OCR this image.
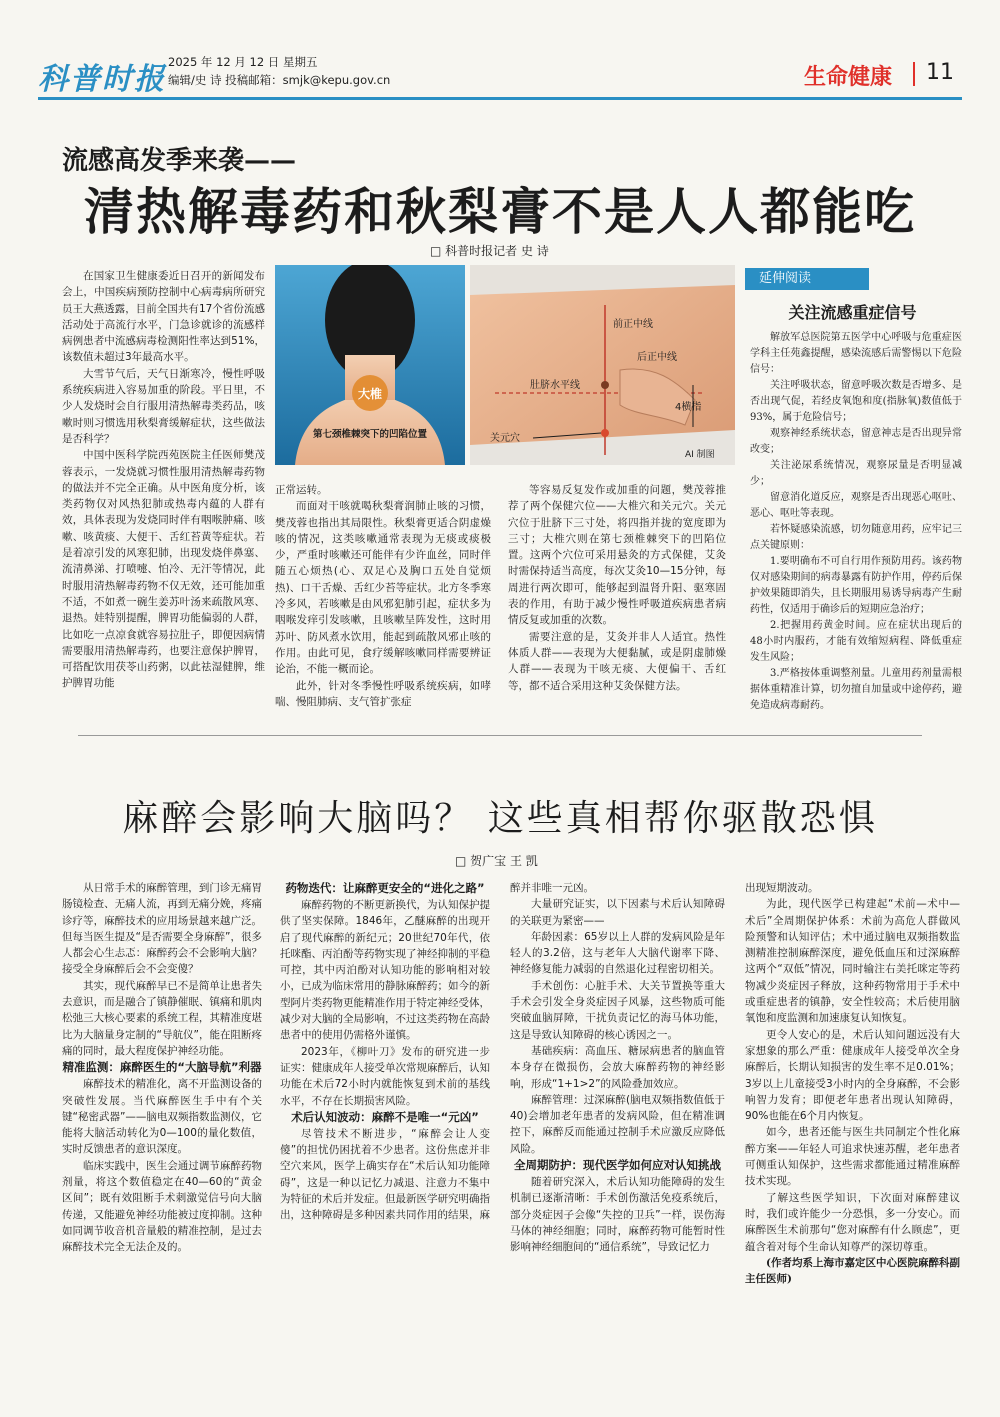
科普时报 2025 年 12 月 12 日 星期五
编辑/史 诗 投稿邮箱：smjk@kepu.gov.cn	生命健康 11
流感高发季来袭——
清热解毒药和秋梨膏不是人人都能吃
□ 科普时报记者 史 诗

在国家卫生健康委近日召开的新闻发布会上，中国疾病预防控制中心病毒病所研究员王大燕透露，目前全国共有17个省份流感活动处于高流行水平，门急诊就诊的流感样病例患者中流感病毒检测阳性率达到51%，该数值未超过3年最高水平。

大雪节气后，天气日渐寒冷，慢性呼吸系统疾病进入容易加重的阶段。平日里，不少人发烧时会自行服用清热解毒类药品，咳嗽时则习惯选用秋梨膏缓解症状，这些做法是否科学？

中国中医科学院西苑医院主任医师樊茂蓉表示，一发烧就习惯性服用清热解毒药物的做法并不完全正确。从中医角度分析，该类药物仅对风热犯肺或热毒内蕴的人群有效，具体表现为发烧同时伴有咽喉肿痛、咳嗽、咳黄痰、大便干、舌红苔黄等症状。若是着凉引发的风寒犯肺，出现发烧伴鼻塞、流清鼻涕、打喷嚏、怕冷、无汗等情况，此时服用清热解毒药物不仅无效，还可能加重不适，不如煮一碗生姜苏叶汤来疏散风寒、退热。娃特别提醒，脾胃功能偏弱的人群，比如吃一点凉食就容易拉肚子，即便因病情需要服用清热解毒药，也要注意保护脾胃，可搭配饮用茯苓山药粥，以此祛湿健脾，维护脾胃功能

正常运转。

而面对干咳就喝秋梨膏润肺止咳的习惯，樊茂蓉也指出其局限性。秋梨膏更适合阴虚燥咳的情况，这类咳嗽通常表现为无痰或痰极少，严重时咳嗽还可能伴有少许血丝，同时伴随五心烦热(心、双足心及胸口五处自觉烦热)、口干舌燥、舌红少苔等症状。北方冬季寒冷多风，若咳嗽是由风邪犯肺引起，症状多为咽喉发痒引发咳嗽，且咳嗽呈阵发性，这时用苏叶、防风煮水饮用，能起到疏散风邪止咳的作用。由此可见，食疗缓解咳嗽同样需要辨证论治，不能一概而论。

此外，针对冬季慢性呼吸系统疾病，如哮喘、慢阻肺病、支气管扩张症

等容易反复发作或加重的问题，樊茂蓉推荐了两个保健穴位——大椎穴和关元穴。关元穴位于肚脐下三寸处，将四指并拢的宽度即为三寸；大椎穴则在第七颈椎棘突下的凹陷位置。这两个穴位可采用悬灸的方式保健，艾灸时需保持适当高度，每次艾灸10—15分钟，每周进行两次即可，能够起到温肾升阳、驱寒固表的作用，有助于减少慢性呼吸道疾病患者病情反复或加重的次数。

需要注意的是，艾灸并非人人适宜。热性体质人群——表现为大便黏腻，或是阴虚肺燥人群——表现为干咳无痰、大便偏干、舌红等，都不适合采用这种艾灸保健方法。

大椎
第七颈椎棘突下的凹陷位置
前正中线
后正中线
肚脐水平线
4横指
关元穴
AI 制图
延伸阅读
关注流感重症信号

解放军总医院第五医学中心呼吸与危重症医学科主任苑鑫提醒，感染流感后需警惕以下危险信号：

关注呼吸状态，留意呼吸次数是否增多、是否出现气促，若经皮氧饱和度(指脉氧)数值低于93%，属于危险信号；

观察神经系统状态，留意神志是否出现异常改变；

关注泌尿系统情况，观察尿量是否明显减少；

留意消化道反应，观察是否出现恶心呕吐、恶心、呕吐等表现。

若怀疑感染流感，切勿随意用药，应牢记三点关键原则：

1.要明确布不可自行用作预防用药。该药物仅对感染期间的病毒暴露有防护作用，停药后保护效果随即消失，且长期服用易诱导病毒产生耐药性，仅适用于确诊后的短期应急治疗；

2.把握用药黄金时间。应在症状出现后的48小时内服药，才能有效缩短病程、降低重症发生风险；

3.严格按体重调整剂量。儿童用药剂量需根据体重精准计算，切勿擅自加量或中途停药，避免造成病毒耐药。

麻醉会影响大脑吗？ 这些真相帮你驱散恐惧
□ 贺广宝 王 凯

从日常手术的麻醉管理，到门诊无痛胃肠镜检查、无痛人流，再到无痛分娩，疼痛诊疗等，麻醉技术的应用场景越来越广泛。但每当医生提及“是否需要全身麻醉”，很多人都会心生忐忑：麻醉药会不会影响大脑？接受全身麻醉后会不会变傻？

其实，现代麻醉早已不是简单让患者失去意识，而是融合了镇静催眠、镇痛和肌肉松弛三大核心要素的系统工程，其精准度堪比为大脑量身定制的“导航仪”，能在阻断疼痛的同时，最大程度保护神经功能。

精准监测：麻醉医生的“大脑导航”利器

麻醉技术的精准化，离不开监测设备的突破性发展。当代麻醉医生手中有个关键“秘密武器”——脑电双频指数监测仪，它能将大脑活动转化为0—100的量化数值，实时反馈患者的意识深度。

临床实践中，医生会通过调节麻醉药物剂量，将这个数值稳定在40—60的“黄金区间”；既有效阻断手术刺激觉信号向大脑传递，又能避免神经功能被过度抑制。这种如同调节收音机音量般的精准控制，是过去麻醉技术完全无法企及的。

药物迭代：让麻醉更安全的“进化之路”

麻醉药物的不断更新换代，为认知保护提供了坚实保障。1846年，乙醚麻醉的出现开启了现代麻醉的新纪元；20世纪70年代，依托咪酯、丙泊酚等药物实现了神经抑制的平稳可控，其中丙泊酚对认知功能的影响相对较小，已成为临床常用的静脉麻醉药；如今的新型阿片类药物更能精准作用于特定神经受体，减少对大脑的全局影响，不过这类药物在高龄患者中的使用仍需格外谨慎。

2023年，《柳叶刀》发布的研究进一步证实：健康成年人接受单次常规麻醉后，认知功能在术后72小时内就能恢复到术前的基线水平，不存在长期损害风险。

术后认知波动：麻醉不是唯一“元凶”

尽管技术不断进步，“麻醉会让人变傻”的担忧仍困扰着不少患者。这份焦虑并非空穴来风，医学上确实存在“术后认知功能障碍”，这是一种以记忆力减退、注意力不集中为特征的术后并发症。但最新医学研究明确指出，这种障碍是多种因素共同作用的结果，麻

醉并非唯一元凶。

大量研究证实，以下因素与术后认知障碍的关联更为紧密——

年龄因素：65岁以上人群的发病风险是年轻人的3.2倍，这与老年人大脑代谢率下降、神经修复能力减弱的自然退化过程密切相关。

手术创伤：心脏手术、大关节置换等重大手术会引发全身炎症因子风暴，这些物质可能突破血脑屏障，干扰负责记忆的海马体功能，这是导致认知障碍的核心诱因之一。

基础疾病：高血压、糖尿病患者的脑血管本身存在微损伤，会放大麻醉药物的神经影响，形成“1+1>2”的风险叠加效应。

麻醉管理：过深麻醉(脑电双频指数值低于40)会增加老年患者的发病风险，但在精准调控下，麻醉反而能通过控制手术应激反应降低风险。

全周期防护：现代医学如何应对认知挑战

随着研究深入，术后认知功能障碍的发生机制已逐渐清晰：手术创伤激活免疫系统后，部分炎症因子会像“失控的卫兵”一样，误伤海马体的神经细胞；同时，麻醉药物可能暂时性影响神经细胞间的“通信系统”，导致记忆力

出现短期波动。

为此，现代医学已构建起“术前—术中—术后”全周期保护体系：术前为高危人群做风险预警和认知评估；术中通过脑电双频指数监测精准控制麻醉深度，避免低血压和过深麻醉这两个“双低”情况，同时输注右美托咪定等药物减少炎症因子释放，这种药物常用于手术中或重症患者的镇静，安全性较高；术后使用脑氧饱和度监测和加速康复认知恢复。

更令人安心的是，术后认知问题远没有大家想象的那么严重：健康成年人接受单次全身麻醉后，长期认知损害的发生率不足0.01%；3岁以上儿童接受3小时内的全身麻醉，不会影响智力发育；即便老年患者出现认知障碍，90%也能在6个月内恢复。

如今，患者还能与医生共同制定个性化麻醉方案——年轻人可追求快速苏醒，老年患者可侧重认知保护，这些需求都能通过精准麻醉技术实现。

了解这些医学知识，下次面对麻醉建议时，我们或许能少一分恐惧，多一分安心。而麻醉医生术前那句“您对麻醉有什么顾虑”，更蕴含着对每个生命认知尊严的深切尊重。

(作者均系上海市嘉定区中心医院麻醉科副主任医师)
